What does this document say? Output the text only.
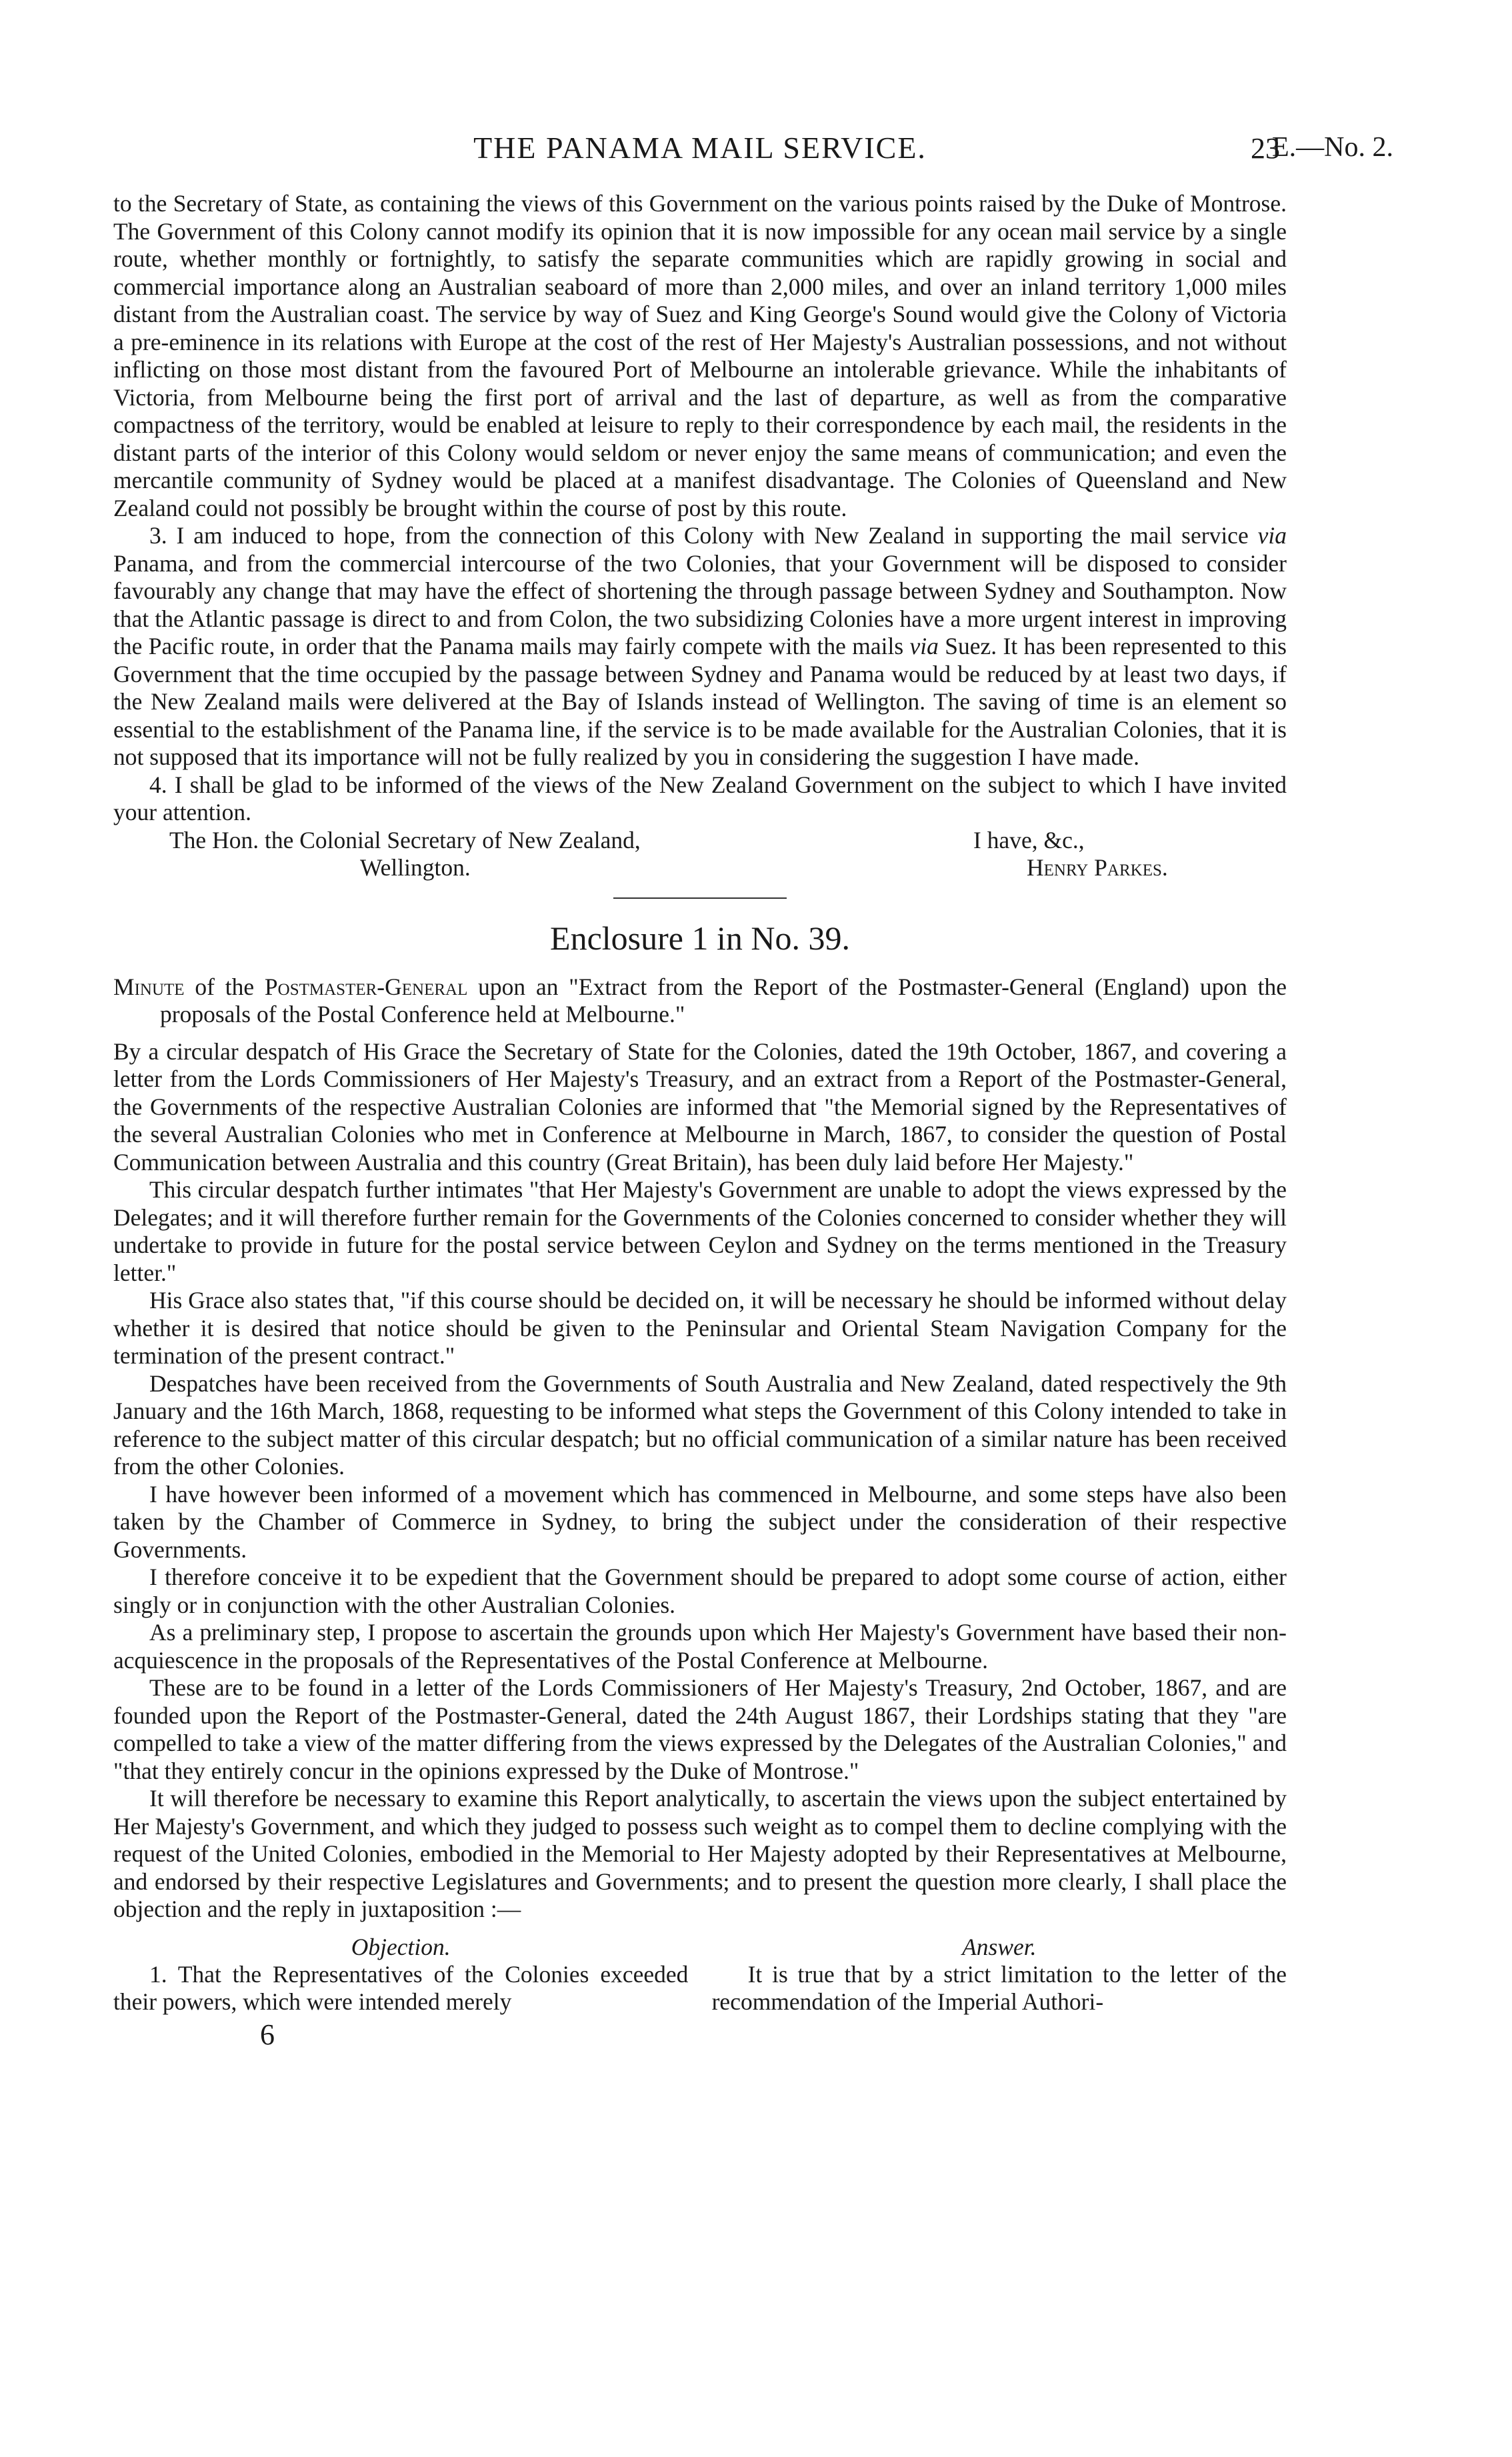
THE PANAMA MAIL SERVICE.	23
E.—No. 2.

to the Secretary of State, as containing the views of this Government on the various points raised by the Duke of Montrose. The Government of this Colony cannot modify its opinion that it is now impossible for any ocean mail service by a single route, whether monthly or fortnightly, to satisfy the separate communities which are rapidly growing in social and commercial importance along an Australian seaboard of more than 2,000 miles, and over an inland territory 1,000 miles distant from the Australian coast. The service by way of Suez and King George's Sound would give the Colony of Victoria a pre-eminence in its relations with Europe at the cost of the rest of Her Majesty's Australian possessions, and not without inflicting on those most distant from the favoured Port of Melbourne an intolerable grievance. While the inhabitants of Victoria, from Melbourne being the first port of arrival and the last of departure, as well as from the comparative compactness of the territory, would be enabled at leisure to reply to their correspondence by each mail, the residents in the distant parts of the interior of this Colony would seldom or never enjoy the same means of communication; and even the mercantile community of Sydney would be placed at a manifest disadvantage. The Colonies of Queensland and New Zealand could not possibly be brought within the course of post by this route.

3. I am induced to hope, from the connection of this Colony with New Zealand in supporting the mail service via Panama, and from the commercial intercourse of the two Colonies, that your Government will be disposed to consider favourably any change that may have the effect of shortening the through passage between Sydney and Southampton. Now that the Atlantic passage is direct to and from Colon, the two subsidizing Colonies have a more urgent interest in improving the Pacific route, in order that the Panama mails may fairly compete with the mails via Suez. It has been represented to this Government that the time occupied by the passage between Sydney and Panama would be reduced by at least two days, if the New Zealand mails were delivered at the Bay of Islands instead of Wellington. The saving of time is an element so essential to the establishment of the Panama line, if the service is to be made available for the Australian Colonies, that it is not supposed that its importance will not be fully realized by you in considering the suggestion I have made.

4. I shall be glad to be informed of the views of the New Zealand Government on the subject to which I have invited your attention.

The Hon. the Colonial Secretary of New Zealand,
Wellington.
I have, &c.,
Henry Parkes.
Enclosure 1 in No. 39.
Minute of the Postmaster-General upon an "Extract from the Report of the Postmaster-General (England) upon the proposals of the Postal Conference held at Melbourne."

By a circular despatch of His Grace the Secretary of State for the Colonies, dated the 19th October, 1867, and covering a letter from the Lords Commissioners of Her Majesty's Treasury, and an extract from a Report of the Postmaster-General, the Governments of the respective Australian Colonies are informed that "the Memorial signed by the Representatives of the several Australian Colonies who met in Conference at Melbourne in March, 1867, to consider the question of Postal Communication between Australia and this country (Great Britain), has been duly laid before Her Majesty."

This circular despatch further intimates "that Her Majesty's Government are unable to adopt the views expressed by the Delegates; and it will therefore further remain for the Governments of the Colonies concerned to consider whether they will undertake to provide in future for the postal service between Ceylon and Sydney on the terms mentioned in the Treasury letter."

His Grace also states that, "if this course should be decided on, it will be necessary he should be informed without delay whether it is desired that notice should be given to the Peninsular and Oriental Steam Navigation Company for the termination of the present contract."

Despatches have been received from the Governments of South Australia and New Zealand, dated respectively the 9th January and the 16th March, 1868, requesting to be informed what steps the Government of this Colony intended to take in reference to the subject matter of this circular despatch; but no official communication of a similar nature has been received from the other Colonies.

I have however been informed of a movement which has commenced in Melbourne, and some steps have also been taken by the Chamber of Commerce in Sydney, to bring the subject under the consideration of their respective Governments.

I therefore conceive it to be expedient that the Government should be prepared to adopt some course of action, either singly or in conjunction with the other Australian Colonies.

As a preliminary step, I propose to ascertain the grounds upon which Her Majesty's Government have based their non-acquiescence in the proposals of the Representatives of the Postal Conference at Melbourne.

These are to be found in a letter of the Lords Commissioners of Her Majesty's Treasury, 2nd October, 1867, and are founded upon the Report of the Postmaster-General, dated the 24th August 1867, their Lordships stating that they "are compelled to take a view of the matter differing from the views expressed by the Delegates of the Australian Colonies," and "that they entirely concur in the opinions expressed by the Duke of Montrose."

It will therefore be necessary to examine this Report analytically, to ascertain the views upon the subject entertained by Her Majesty's Government, and which they judged to possess such weight as to compel them to decline complying with the request of the United Colonies, embodied in the Memorial to Her Majesty adopted by their Representatives at Melbourne, and endorsed by their respective Legislatures and Governments; and to present the question more clearly, I shall place the objection and the reply in juxtaposition :—

Objection.

1. That the Representatives of the Colonies exceeded their powers, which were intended merely

Answer.

It is true that by a strict limitation to the letter of the recommendation of the Imperial Authori-

6
